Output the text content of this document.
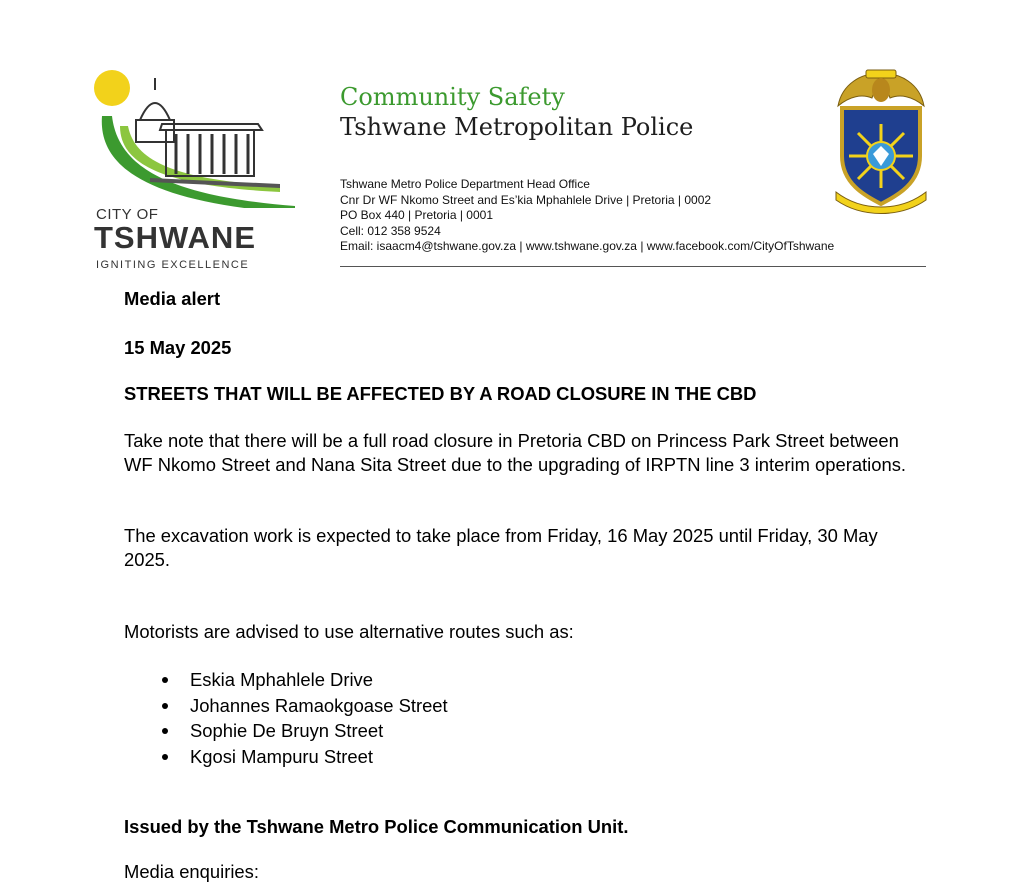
CITY OF
TSHWANE
IGNITING EXCELLENCE

Community Safety

Tshwane Metropolitan Police

Tshwane Metro Police Department Head Office
Cnr Dr WF Nkomo Street and Es’kia Mphahlele Drive | Pretoria | 0002
PO Box 440 | Pretoria | 0001
Cell: 012 358 9524
Email: isaacm4@tshwane.gov.za | www.tshwane.gov.za | www.facebook.com/CityOfTshwane
Media alert
15 May 2025
STREETS THAT WILL BE AFFECTED BY A ROAD CLOSURE IN THE CBD
Take note that there will be a full road closure in Pretoria CBD on Princess Park Street between WF Nkomo Street and Nana Sita Street due to the upgrading of IRPTN line 3 interim operations.
The excavation work is expected to take place from Friday, 16 May 2025 until Friday, 30 May 2025.
Motorists are advised to use alternative routes such as:
Eskia Mphahlele Drive
Johannes Ramaokgoase Street
Sophie De Bruyn Street
Kgosi Mampuru Street
Issued by the Tshwane Metro Police Communication Unit.
Media enquiries:
